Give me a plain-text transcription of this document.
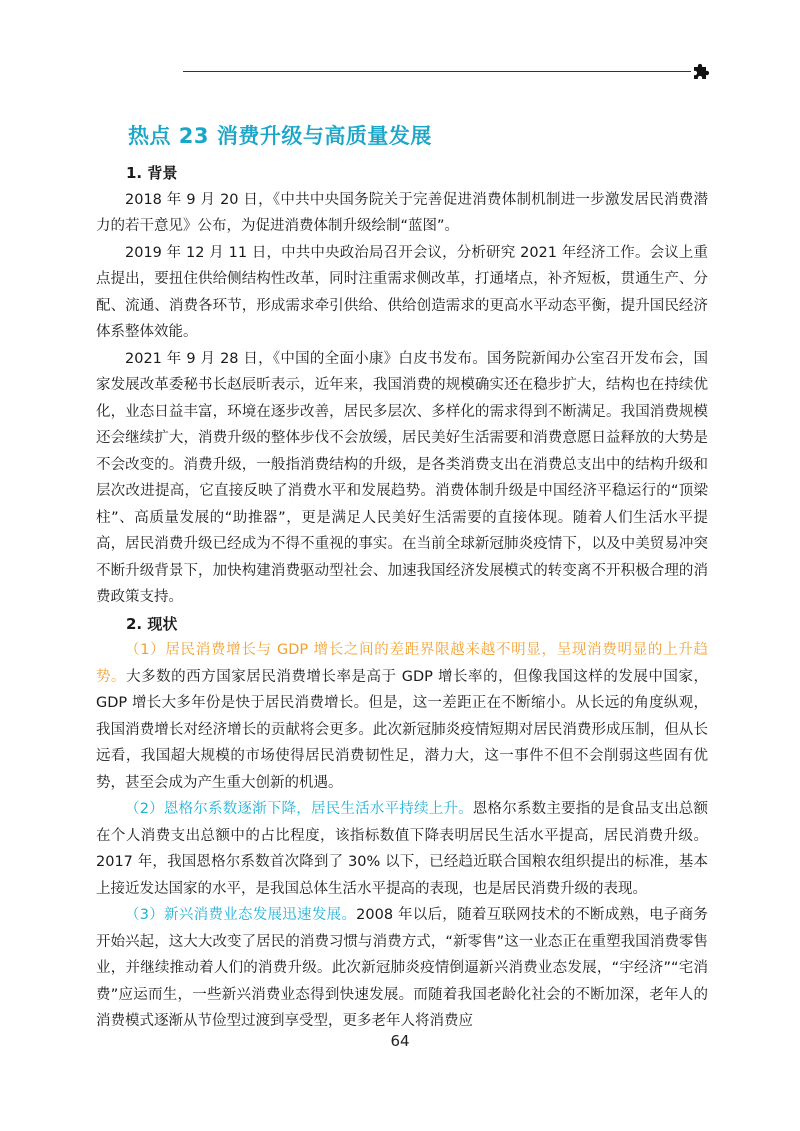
热点 23 消费升级与高质量发展
1. 背景

2018 年 9 月 20 日，《中共中央国务院关于完善促进消费体制机制进一步激发居民消费潜力的若干意见》公布，为促进消费体制升级绘制“蓝图”。

2019 年 12 月 11 日，中共中央政治局召开会议，分析研究 2021 年经济工作。会议上重点提出，要扭住供给侧结构性改革，同时注重需求侧改革，打通堵点，补齐短板，贯通生产、分配、流通、消费各环节，形成需求牵引供给、供给创造需求的更高水平动态平衡，提升国民经济体系整体效能。

2021 年 9 月 28 日，《中国的全面小康》白皮书发布。国务院新闻办公室召开发布会，国家发展改革委秘书长赵辰昕表示，近年来，我国消费的规模确实还在稳步扩大，结构也在持续优化，业态日益丰富，环境在逐步改善，居民多层次、多样化的需求得到不断满足。我国消费规模还会继续扩大，消费升级的整体步伐不会放缓，居民美好生活需要和消费意愿日益释放的大势是不会改变的。消费升级，一般指消费结构的升级，是各类消费支出在消费总支出中的结构升级和层次改进提高，它直接反映了消费水平和发展趋势。消费体制升级是中国经济平稳运行的“顶梁柱”、高质量发展的“助推器”，更是满足人民美好生活需要的直接体现。随着人们生活水平提高，居民消费升级已经成为不得不重视的事实。在当前全球新冠肺炎疫情下，以及中美贸易冲突不断升级背景下，加快构建消费驱动型社会、加速我国经济发展模式的转变离不开积极合理的消费政策支持。

2. 现状

（1）居民消费增长与 GDP 增长之间的差距界限越来越不明显，呈现消费明显的上升趋势。大多数的西方国家居民消费增长率是高于 GDP 增长率的，但像我国这样的发展中国家，GDP 增长大多年份是快于居民消费增长。但是，这一差距正在不断缩小。从长远的角度纵观，我国消费增长对经济增长的贡献将会更多。此次新冠肺炎疫情短期对居民消费形成压制，但从长远看，我国超大规模的市场使得居民消费韧性足，潜力大，这一事件不但不会削弱这些固有优势，甚至会成为产生重大创新的机遇。

（2）恩格尔系数逐渐下降，居民生活水平持续上升。恩格尔系数主要指的是食品支出总额在个人消费支出总额中的占比程度，该指标数值下降表明居民生活水平提高，居民消费升级。2017 年，我国恩格尔系数首次降到了 30% 以下，已经趋近联合国粮农组织提出的标准，基本上接近发达国家的水平，是我国总体生活水平提高的表现，也是居民消费升级的表现。

（3）新兴消费业态发展迅速发展。2008 年以后，随着互联网技术的不断成熟，电子商务开始兴起，这大大改变了居民的消费习惯与消费方式，“新零售”这一业态正在重塑我国消费零售业，并继续推动着人们的消费升级。此次新冠肺炎疫情倒逼新兴消费业态发展，“宇经济”“宅消费”应运而生，一些新兴消费业态得到快速发展。而随着我国老龄化社会的不断加深，老年人的消费模式逐渐从节俭型过渡到享受型，更多老年人将消费应

64
